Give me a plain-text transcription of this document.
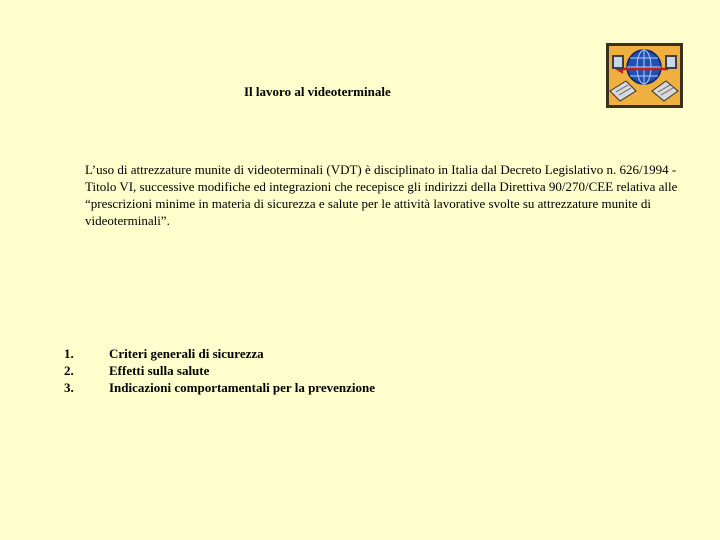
Il lavoro al videoterminale

L’uso di attrezzature munite di videoterminali (VDT) è disciplinato in Italia dal Decreto Legislativo n. 626/1994 - Titolo VI, successive modifiche ed integrazioni che recepisce gli indirizzi della Direttiva 90/270/CEE relativa alle “prescrizioni minime in materia di sicurezza e salute per le attività lavorative svolte su attrezzature munite di videoterminali”.

1.	Criteri generali di sicurezza
2.	Effetti sulla salute
3.	Indicazioni comportamentali per la prevenzione
